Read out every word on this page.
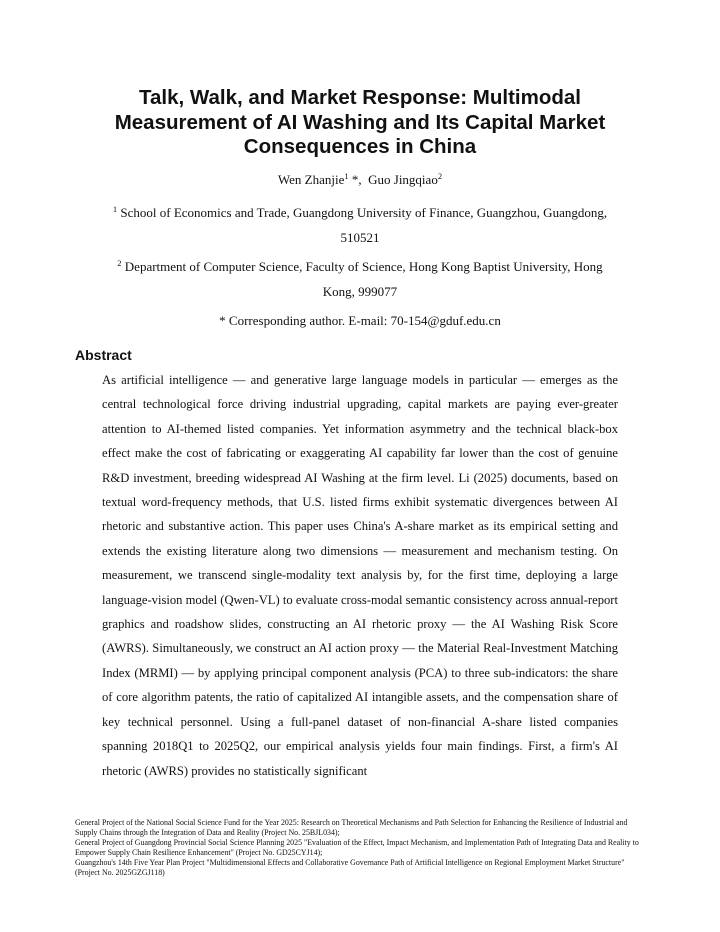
Talk, Walk, and Market Response: Multimodal Measurement of AI Washing and Its Capital Market Consequences in China
Wen Zhanjie$^1$ *,  Guo Jingqiao$^2$
$^1$ School of Economics and Trade, Guangdong University of Finance, Guangzhou, Guangdong, 510521
$^2$ Department of Computer Science, Faculty of Science, Hong Kong Baptist University, Hong Kong, 999077
* Corresponding author. E-mail: 70-154@gduf.edu.cn
Abstract

As artificial intelligence — and generative large language models in particular — emerges as the central technological force driving industrial upgrading, capital markets are paying ever-greater attention to AI-themed listed companies. Yet information asymmetry and the technical black-box effect make the cost of fabricating or exaggerating AI capability far lower than the cost of genuine R&D investment, breeding widespread AI Washing at the firm level. Li (2025) documents, based on textual word-frequency methods, that U.S. listed firms exhibit systematic divergences between AI rhetoric and substantive action. This paper uses China's A-share market as its empirical setting and extends the existing literature along two dimensions — measurement and mechanism testing. On measurement, we transcend single-modality text analysis by, for the first time, deploying a large language-vision model (Qwen-VL) to evaluate cross-modal semantic consistency across annual-report graphics and roadshow slides, constructing an AI rhetoric proxy — the AI Washing Risk Score (AWRS). Simultaneously, we construct an AI action proxy — the Material Real-Investment Matching Index (MRMI) — by applying principal component analysis (PCA) to three sub-indicators: the share of core algorithm patents, the ratio of capitalized AI intangible assets, and the compensation share of key technical personnel. Using a full-panel dataset of non-financial A-share listed companies spanning 2018Q1 to 2025Q2, our empirical analysis yields four main findings. First, a firm's AI rhetoric (AWRS) provides no statistically significant

General Project of the National Social Science Fund for the Year 2025: Research on Theoretical Mechanisms and Path Selection for Enhancing the Resilience of Industrial and Supply Chains through the Integration of Data and Reality (Project No. 25BJL034);
General Project of Guangdong Provincial Social Science Planning 2025 "Evaluation of the Effect, Impact Mechanism, and Implementation Path of Integrating Data and Reality to Empower Supply Chain Resilience Enhancement" (Project No. GD25CYJ14);
Guangzhou's 14th Five Year Plan Project "Multidimensional Effects and Collaborative Governance Path of Artificial Intelligence on Regional Employment Market Structure" (Project No. 2025GZGJ118)
